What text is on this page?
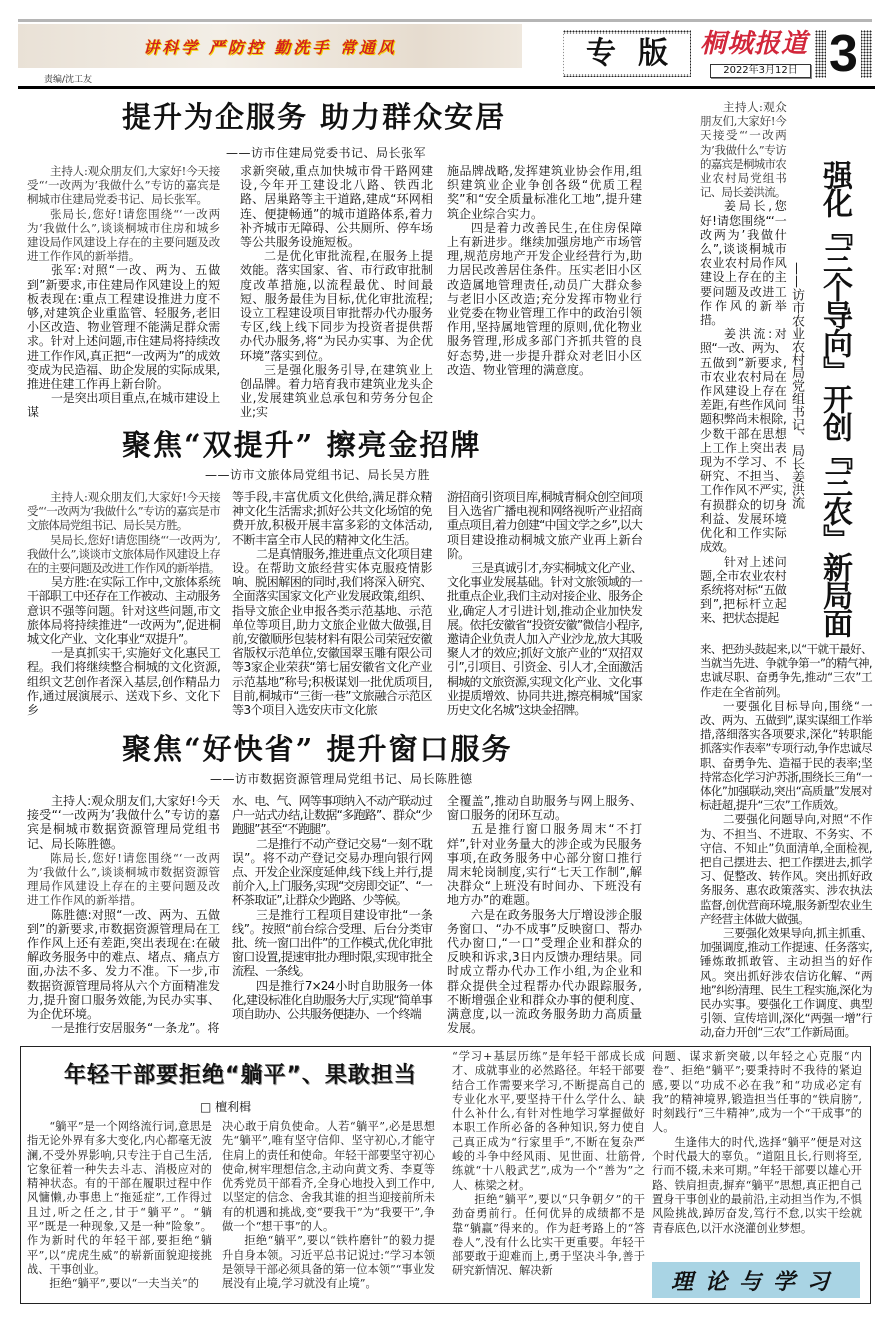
讲科学 严防控 勤洗手 常通风
责编/沈工友
专版 桐城报道
2022年3月12日 3
提升为企服务 助力群众安居
——访市住建局党委书记、局长张军

主持人:观众朋友们,大家好!今天接受“‘一改两为’我做什么”专访的嘉宾是桐城市住建局党委书记、局长张军。

张局长,您好!请您围绕“‘一改两为’我做什么”,谈谈桐城市住房和城乡建设局作风建设上存在的主要问题及改进工作作风的新举措。

张军:对照“一改、两为、五做到”新要求,市住建局作风建设上的短板表现在:重点工程建设推进力度不够,对建筑企业重监管、轻服务,老旧小区改造、物业管理不能满足群众需求。针对上述问题,市住建局将持续改进工作作风,真正把“一改两为”的成效变成为民造福、助企发展的实际成果,推进住建工作再上新台阶。

一是突出项目重点,在城市建设上谋

求新突破,重点加快城市骨干路网建设,今年开工建设北八路、铁西北路、居巢路等主干道路,建成“环网相连、便捷畅通”的城市道路体系,着力补齐城市无障碍、公共厕所、停车场等公共服务设施短板。

二是优化审批流程,在服务上提效能。落实国家、省、市行政审批制度改革措施,以流程最优、时间最短、服务最佳为目标,优化审批流程;设立工程建设项目审批帮办代办服务专区,线上线下同步为投资者提供帮办代办服务,将“为民办实事、为企优环境”落实到位。

三是强化服务引导,在建筑业上创品牌。着力培育我市建筑业龙头企业,发展建筑业总承包和劳务分包企业;实

施品牌战略,发挥建筑业协会作用,组织建筑业企业争创各级“优质工程奖”和“安全质量标准化工地”,提升建筑企业综合实力。

四是着力改善民生,在住房保障上有新进步。继续加强房地产市场管理,规范房地产开发企业经营行为,助力居民改善居住条件。压实老旧小区改造属地管理责任,动员广大群众参与老旧小区改造;充分发挥市物业行业党委在物业管理工作中的政治引领作用,坚持属地管理的原则,优化物业服务管理,形成多部门齐抓共管的良好态势,进一步提升群众对老旧小区改造、物业管理的满意度。

聚焦“双提升” 擦亮金招牌
——访市文旅体局党组书记、局长吴方胜

主持人:观众朋友们,大家好!今天接受“‘一改两为’我做什么”专访的嘉宾是市文旅体局党组书记、局长吴方胜。

吴局长,您好!请您围绕“‘一改两为’,我做什么”,谈谈市文旅体局作风建设上存在的主要问题及改进工作作风的新举措。

吴方胜:在实际工作中,文旅体系统干部职工中还存在工作被动、主动服务意识不强等问题。针对这些问题,市文旅体局将持续推进“一改两为”,促进桐城文化产业、文化事业“双提升”。

一是真抓实干,实施好文化惠民工程。我们将继续整合桐城的文化资源,组织文艺创作者深入基层,创作精品力作,通过展演展示、送戏下乡、文化下乡

等手段,丰富优质文化供给,满足群众精神文化生活需求;抓好公共文化场馆的免费开放,积极开展丰富多彩的文体活动,不断丰富全市人民的精神文化生活。

二是真情服务,推进重点文化项目建设。在帮助文旅经营实体克服疫情影响、脱困解困的同时,我们将深入研究、全面落实国家文化产业发展政策,组织、指导文旅企业申报各类示范基地、示范单位等项目,助力文旅企业做大做强,目前,安徽顺彤包装材料有限公司荣冠安徽省版权示范单位,安徽国翠玉雕有限公司等3家企业荣获“第七届安徽省文化产业示范基地”称号;积极谋划一批优质项目,目前,桐城市“三街一巷”文旅融合示范区等3个项目入选安庆市文化旅

游招商引资项目库,桐城青桐众创空间项目入选省广播电视和网络视听产业招商重点项目,着力创建“中国文学之乡”,以大项目建设推动桐城文旅产业再上新台阶。

三是真诚引才,夯实桐城文化产业、文化事业发展基础。针对文旅领域的一批重点企业,我们主动对接企业、服务企业,确定人才引进计划,推动企业加快发展。依托安徽省“投资安徽”微信小程序,邀请企业负责人加入产业沙龙,放大其吸聚人才的效应;抓好文旅产业的“双招双引”,引项目、引资金、引人才,全面激活桐城的文旅资源,实现文化产业、文化事业提质增效、协同共进,擦亮桐城“国家历史文化名城”这块金招牌。

聚焦“好快省” 提升窗口服务
——访市数据资源管理局党组书记、局长陈胜德

主持人:观众朋友们,大家好!今天接受“‘一改两为’我做什么”专访的嘉宾是桐城市数据资源管理局党组书记、局长陈胜德。

陈局长,您好!请您围绕“‘一改两为’我做什么”,谈谈桐城市数据资源管理局作风建设上存在的主要问题及改进工作作风的新举措。

陈胜德:对照“一改、两为、五做到”的新要求,市数据资源管理局在工作作风上还有差距,突出表现在:在破解政务服务中的难点、堵点、痛点方面,办法不多、发力不准。下一步,市数据资源管理局将从六个方面精准发力,提升窗口服务效能,为民办实事、为企优环境。

一是推行安居服务“一条龙”。将

水、电、气、网等事项纳入不动产联动过户一站式办结,让数据“多跑路”、群众“少跑腿”甚至“不跑腿”。

二是推行不动产登记交易“一刻不耽误”。将不动产登记交易办理向银行网点、开发企业深度延伸,线下线上并行,提前介入,上门服务,实现“交房即交证”、“一杯茶取证”,让群众少跑路、少等候。

三是推行工程项目建设审批“一条线”。按照“前台综合受理、后台分类审批、统一窗口出件”的工作模式,优化审批窗口设置,提速审批办理时限,实现审批全流程、一条线。

四是推行7×24小时自助服务一体化,建设标准化自助服务大厅,实现“简单事项自助办、公共服务便捷办、一个终端

全覆盖”,推动自助服务与网上服务、窗口服务的闭环互动。

五是推行窗口服务周末“不打烊”,针对业务量大的涉企或为民服务事项,在政务服务中心部分窗口推行周末轮岗制度,实行“七天工作制”,解决群众“上班没有时间办、下班没有地方办”的难题。

六是在政务服务大厅增设涉企服务窗口、“办不成事”反映窗口、帮办代办窗口,“一口”受理企业和群众的反映和诉求,3日内反馈办理结果。同时成立帮办代办工作小组,为企业和群众提供全过程帮办代办跟踪服务,不断增强企业和群众办事的便利度、满意度,以一流政务服务助力高质量发展。

主持人:观众朋友们,大家好!今天接受“‘一改两为’我做什么”专访的嘉宾是桐城市农业农村局党组书记、局长姜洪流。

姜局长,您好!请您围绕“‘一改两为’我做什么”,谈谈桐城市农业农村局作风建设上存在的主要问题及改进工作作风的新举措。

姜洪流:对照“一改、两为、五做到”新要求,市农业农村局在作风建设上存在差距,有些作风问题积弊尚未根除,少数干部在思想上工作上突出表现为不学习、不研究、不担当、工作作风不严实,有损群众的切身利益、发展环境优化和工作实际成效。

针对上述问题,全市农业农村系统将对标“五做到”,把标杆立起来、把状态提起 强化『三个导向』开创『三农』新局面
——访市农业农村局党组书记、局长姜洪流

来、把劲头鼓起来,以“干就干最好、当就当先进、争就争第一”的精气神,忠诚尽职、奋勇争先,推动“三农”工作走在全省前列。

一要强化目标导向,围绕“一改、两为、五做到”,谋实谋细工作举措,落细落实各项要求,深化“转职能抓落实作表率”专项行动,争作忠诚尽职、奋勇争先、造福于民的表率;坚持常态化学习沪苏浙,围绕长三角“一体化”加强联动,突出“高质量”发展对标赶超,提升“三农”工作质效。

二要强化问题导向,对照“不作为、不担当、不进取、不务实、不守信、不知止”负面清单,全面检视,把自己摆进去、把工作摆进去,抓学习、促整改、转作风。突出抓好政务服务、惠农政策落实、涉农执法监督,创优营商环境,服务新型农业生产经营主体做大做强。

三要强化效果导向,抓主抓重、加强调度,推动工作提速、任务落实,锤炼敢抓敢管、主动担当的好作风。突出抓好涉农信访化解、“两地”纠纷清理、民生工程实施,深化为民办实事。要强化工作调度、典型引领、宣传培训,深化“两强一增”行动,奋力开创“三农”工作新局面。

年轻干部要拒绝“躺平”、果敢担当
□ 檀利楫

“躺平”是一个网络流行词,意思是指无论外界有多大变化,内心都毫无波澜,不受外界影响,只专注于自己生活,它象征着一种失去斗志、消极应对的精神状态。有的干部在履职过程中作风慵懒,办事患上“拖延症”,工作得过且过,听之任之,甘于“躺平”。“躺平”既是一种现象,又是一种“险象”。作为新时代的年轻干部,要拒绝“躺平”,以“虎虎生威”的崭新面貌迎接挑战、干事创业。

拒绝“躺平”,要以“一夫当关”的

决心敢于肩负使命。人若“躺平”,必是思想先“躺平”,唯有坚守信仰、坚守初心,才能守住肩上的责任和使命。年轻干部要坚守初心使命,树牢理想信念,主动向黄文秀、李夏等优秀党员干部看齐,全身心地投入到工作中,以坚定的信念、舍我其谁的担当迎接前所未有的机遇和挑战,变“要我干”为“我要干”,争做一个“想干事”的人。

拒绝“躺平”,要以“铁杵磨针”的毅力提升自身本领。习近平总书记说过:“学习本领是领导干部必须具备的第一位本领”“事业发展没有止境,学习就没有止境”。

“学习+基层历练”是年轻干部成长成才、成就事业的必然路径。年轻干部要结合工作需要来学习,不断提高自己的专业化水平,要坚持干什么学什么、缺什么补什么,有针对性地学习掌握做好本职工作所必备的各种知识,努力使自己真正成为“行家里手”,不断在复杂严峻的斗争中经风雨、见世面、壮筋骨,练就“十八般武艺”,成为一个“善为”之人、栋梁之材。

拒绝“躺平”,要以“只争朝夕”的干劲奋勇前行。任何优异的成绩都不是靠“躺赢”得来的。作为赶考路上的“答卷人”,没有什么比实干更重要。年轻干部要敢于迎难而上,勇于坚决斗争,善于研究新情况、解决新

问题、谋求新突破,以年轻之心克服“内卷”、拒绝“躺平”;要秉持时不我待的紧迫感,要以“功成不必在我”和“功成必定有我”的精神境界,锻造担当任事的“铁肩膀”,时刻践行“三牛精神”,成为一个“干成事”的人。

生逢伟大的时代,选择“躺平”便是对这个时代最大的辜负。“道阻且长,行则将至,行而不辍,未来可期。”年轻干部要以雄心开路、铁肩担责,摒弃“躺平”思想,真正把自己置身干事创业的最前沿,主动担当作为,不惧风险挑战,踔厉奋发,笃行不怠,以实干绘就青春底色,以汗水浇灌创业梦想。

理论与学习
